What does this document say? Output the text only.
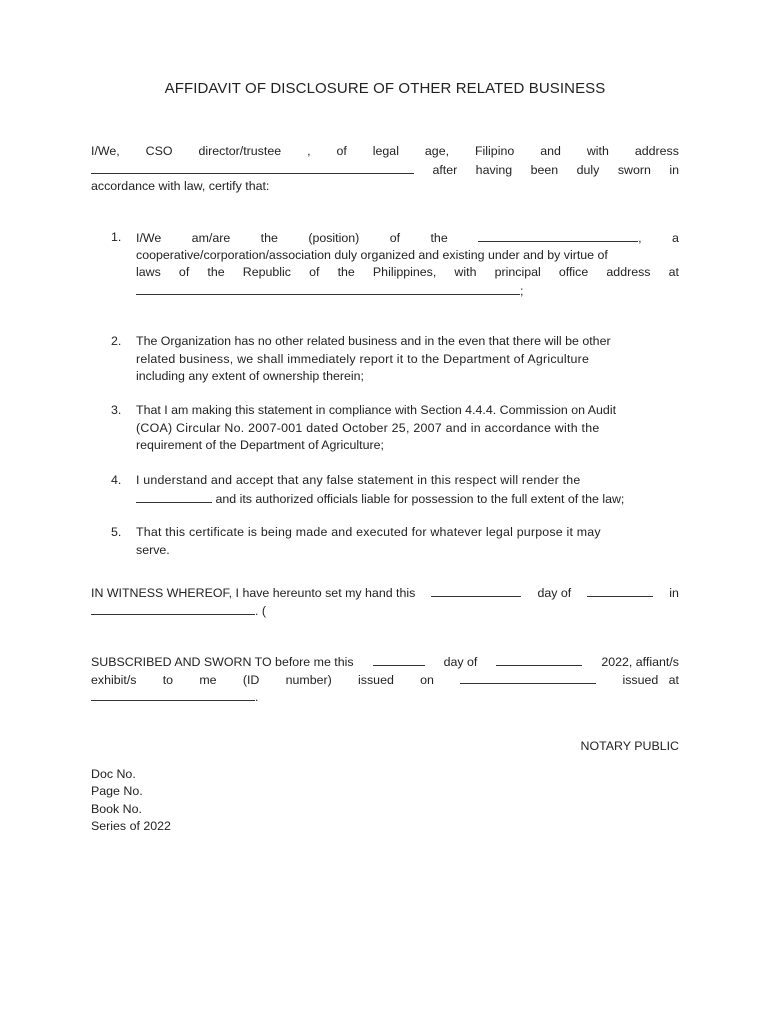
AFFIDAVIT OF DISCLOSURE OF OTHER RELATED BUSINESS
I/We, CSO director/trustee , of legal age, Filipino and with address
after having been duly sworn in
accordance with law, certify that:
1.	I/We am/are the (position) of the	, a
cooperative/corporation/association duly organized and existing under and by virtue of
laws of the Republic of the Philippines, with principal office address at
;
2.	The Organization has no other related business and in the even that there will be other
related business, we shall immediately report it to the Department of Agriculture
including any extent of ownership therein;
3.	That I am making this statement in compliance with Section 4.4.4. Commission on Audit
(COA) Circular No. 2007-001 dated October 25, 2007 and in accordance with the
requirement of the Department of Agriculture;
4.	I understand and accept that any false statement in this respect will render the
and its authorized officials liable for possession to the full extent of the law;
5.	That this certificate is being made and executed for whatever legal purpose it may
serve.
IN WITNESS WHEREOF, I have hereunto set my hand this	day of	in
. (
SUBSCRIBED AND SWORN TO before me this	day of	2022, affiant/s
exhibit/s to me (ID number) issued on	issued   at
.
NOTARY PUBLIC
Doc No.
Page No.
Book No.
Series of 2022
